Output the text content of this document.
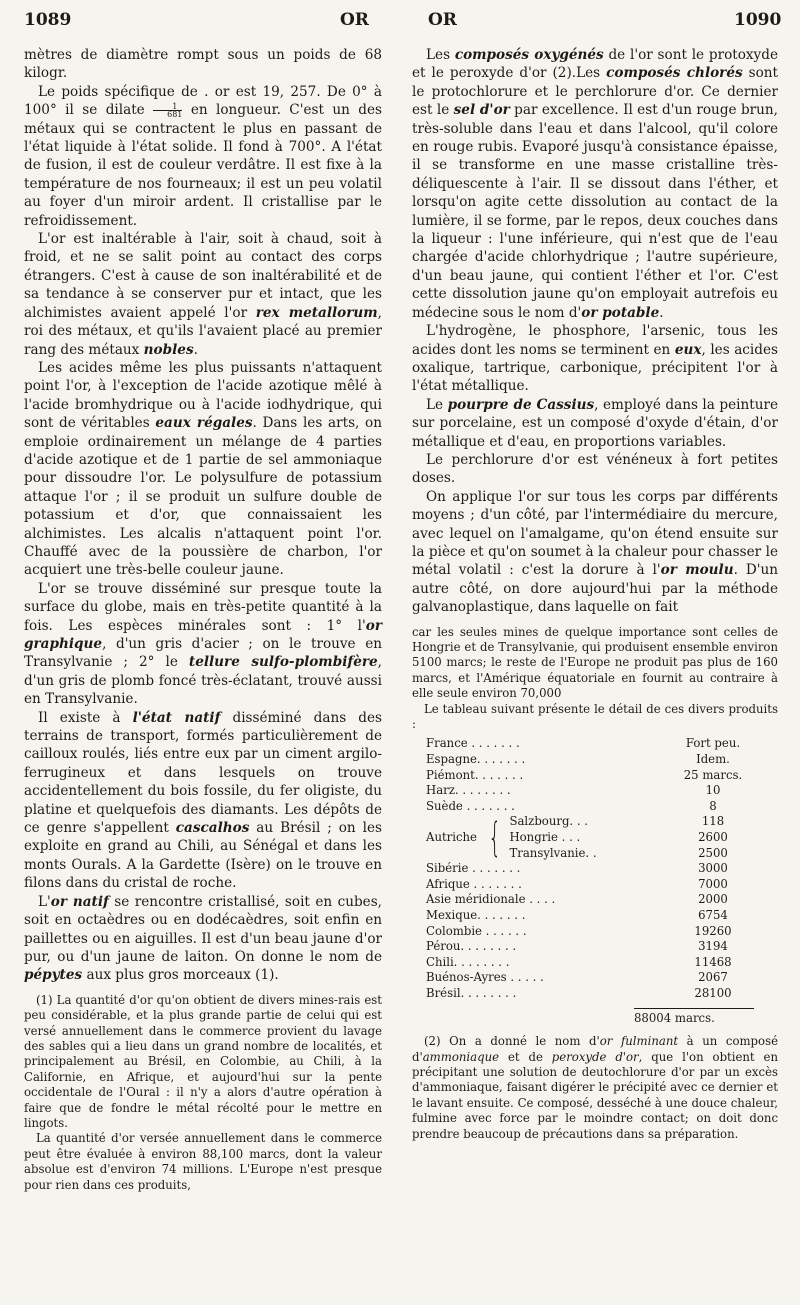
1089	OR	OR	1090

mètres de diamètre rompt sous un poids de 68 kilogr.

Le poids spécifique de . or est 19, 257. De 0° à 100° il se dilate $\frac{1}{681}$ en longueur. C'est un des métaux qui se contractent le plus en passant de l'état liquide à l'état solide. Il fond à 700°. A l'état de fusion, il est de couleur verdâtre. Il est fixe à la température de nos fourneaux; il est un peu volatil au foyer d'un miroir ardent. Il cristallise par le refroidissement.

L'or est inaltérable à l'air, soit à chaud, soit à froid, et ne se salit point au contact des corps étrangers. C'est à cause de son inaltérabilité et de sa tendance à se conserver pur et intact, que les alchimistes avaient appelé l'or rex metallorum, roi des métaux, et qu'ils l'avaient placé au premier rang des métaux nobles.

Les acides même les plus puissants n'attaquent point l'or, à l'exception de l'acide azotique mêlé à l'acide bromhydrique ou à l'acide iodhydrique, qui sont de véritables eaux régales. Dans les arts, on emploie ordinairement un mélange de 4 parties d'acide azotique et de 1 partie de sel ammoniaque pour dissoudre l'or. Le polysulfure de potassium attaque l'or ; il se produit un sulfure double de potassium et d'or, que connaissaient les alchimistes. Les alcalis n'attaquent point l'or. Chauffé avec de la poussière de charbon, l'or acquiert une très-belle couleur jaune.

L'or se trouve disséminé sur presque toute la surface du globe, mais en très-petite quantité à la fois. Les espèces minérales sont : 1° l'or graphique, d'un gris d'acier ; on le trouve en Transylvanie ; 2° le tellure sulfo-plombifère, d'un gris de plomb foncé très-éclatant, trouvé aussi en Transylvanie.

Il existe à l'état natif disséminé dans des terrains de transport, formés particulièrement de cailloux roulés, liés entre eux par un ciment argilo-ferrugineux et dans lesquels on trouve accidentellement du bois fossile, du fer oligiste, du platine et quelquefois des diamants. Les dépôts de ce genre s'appellent cascalhos au Brésil ; on les exploite en grand au Chili, au Sénégal et dans les monts Ourals. A la Gardette (Isère) on le trouve en filons dans du cristal de roche.

L'or natif se rencontre cristallisé, soit en cubes, soit en octaèdres ou en dodécaèdres, soit enfin en paillettes ou en aiguilles. Il est d'un beau jaune d'or pur, ou d'un jaune de laiton. On donne le nom de pépytes aux plus gros morceaux (1).

(1) La quantité d'or qu'on obtient de divers mines-rais est peu considérable, et la plus grande partie de celui qui est versé annuellement dans le commerce provient du lavage des sables qui a lieu dans un grand nombre de localités, et principalement au Brésil, en Colombie, au Chili, à la Californie, en Afrique, et aujourd'hui sur la pente occidentale de l'Oural : il n'y a alors d'autre opération à faire que de fondre le métal récolté pour le mettre en lingots.

La quantité d'or versée annuellement dans le commerce peut être évaluée à environ 88,100 marcs, dont la valeur absolue est d'environ 74 millions. L'Europe n'est presque pour rien dans ces produits,

Les composés oxygénés de l'or sont le protoxyde et le peroxyde d'or (2).Les composés chlorés sont le protochlorure et le perchlorure d'or. Ce dernier est le sel d'or par excellence. Il est d'un rouge brun, très-soluble dans l'eau et dans l'alcool, qu'il colore en rouge rubis. Evaporé jusqu'à consistance épaisse, il se transforme en une masse cristalline très-déliquescente à l'air. Il se dissout dans l'éther, et lorsqu'on agite cette dissolution au contact de la lumière, il se forme, par le repos, deux couches dans la liqueur : l'une inférieure, qui n'est que de l'eau chargée d'acide chlorhydrique ; l'autre supérieure, d'un beau jaune, qui contient l'éther et l'or. C'est cette dissolution jaune qu'on employait autrefois eu médecine sous le nom d'or potable.

L'hydrogène, le phosphore, l'arsenic, tous les acides dont les noms se terminent en eux, les acides oxalique, tartrique, carbonique, précipitent l'or à l'état métallique.

Le pourpre de Cassius, employé dans la peinture sur porcelaine, est un composé d'oxyde d'étain, d'or métallique et d'eau, en proportions variables.

Le perchlorure d'or est vénéneux à fort petites doses.

On applique l'or sur tous les corps par différents moyens ; d'un côté, par l'intermédiaire du mercure, avec lequel on l'amalgame, qu'on étend ensuite sur la pièce et qu'on soumet à la chaleur pour chasser le métal volatil : c'est la dorure à l'or moulu. D'un autre côté, on dore aujourd'hui par la méthode galvanoplastique, dans laquelle on fait

car les seules mines de quelque importance sont celles de Hongrie et de Transylvanie, qui produisent ensemble environ 5100 marcs; le reste de l'Europe ne produit pas plus de 160 marcs, et l'Amérique équatoriale en fournit au contraire à elle seule environ 70,000

Le tableau suivant présente le détail de ces divers produits :

France . . . . . . .	Fort peu.
Espagne. . . . . . .	Idem.
Piémont. . . . . . .	25 marcs.
Harz. . . . . . . .	10
Suède . . . . . . .	8
Autriche { Salzbourg. . .	118
Hongrie . . .	2600
Transylvanie. .	2500
Sibérie . . . . . . .	3000
Afrique . . . . . . .	7000
Asie méridionale . . . .	2000
Mexique. . . . . . .	6754
Colombie . . . . . .	19260
Pérou. . . . . . . .	3194
Chili. . . . . . . .	11468
Buénos-Ayres . . . . .	2067
Brésil. . . . . . . .	28100
88004 marcs.

(2) On a donné le nom d'or fulminant à un composé d'ammoniaque et de peroxyde d'or, que l'on obtient en précipitant une solution de deutochlorure d'or par un excès d'ammoniaque, faisant digérer le précipité avec ce dernier et le lavant ensuite. Ce composé, desséché à une douce chaleur, fulmine avec force par le moindre contact; on doit donc prendre beaucoup de précautions dans sa préparation.
